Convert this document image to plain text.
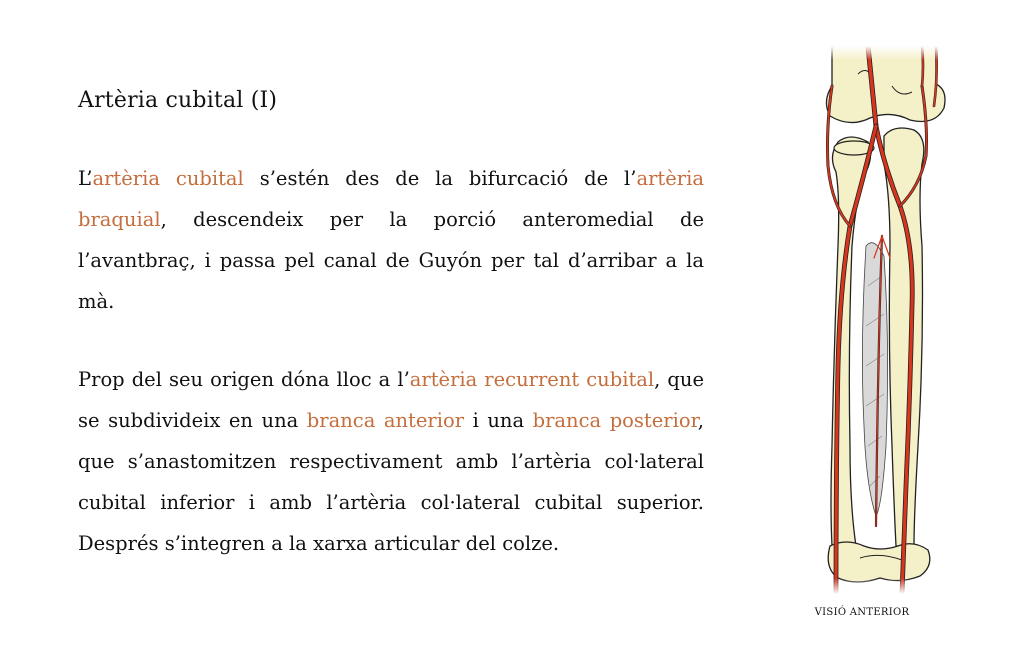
Artèria cubital (I)

L’artèria cubital s’estén des de la bifurcació de l’artèria braquial, descendeix per la porció anteromedial de l’avantbraç, i passa pel canal de Guyón per tal d’arribar a la mà.

Prop del seu origen dóna lloc a l’artèria recurrent cubital, que se subdivideix en una branca anterior i una branca posterior, que s’anastomitzen respectivament amb l’artèria col·lateral cubital inferior i amb l’artèria col·lateral cubital superior. Després s’integren a la xarxa articular del colze.

VISIÓ ANTERIOR
